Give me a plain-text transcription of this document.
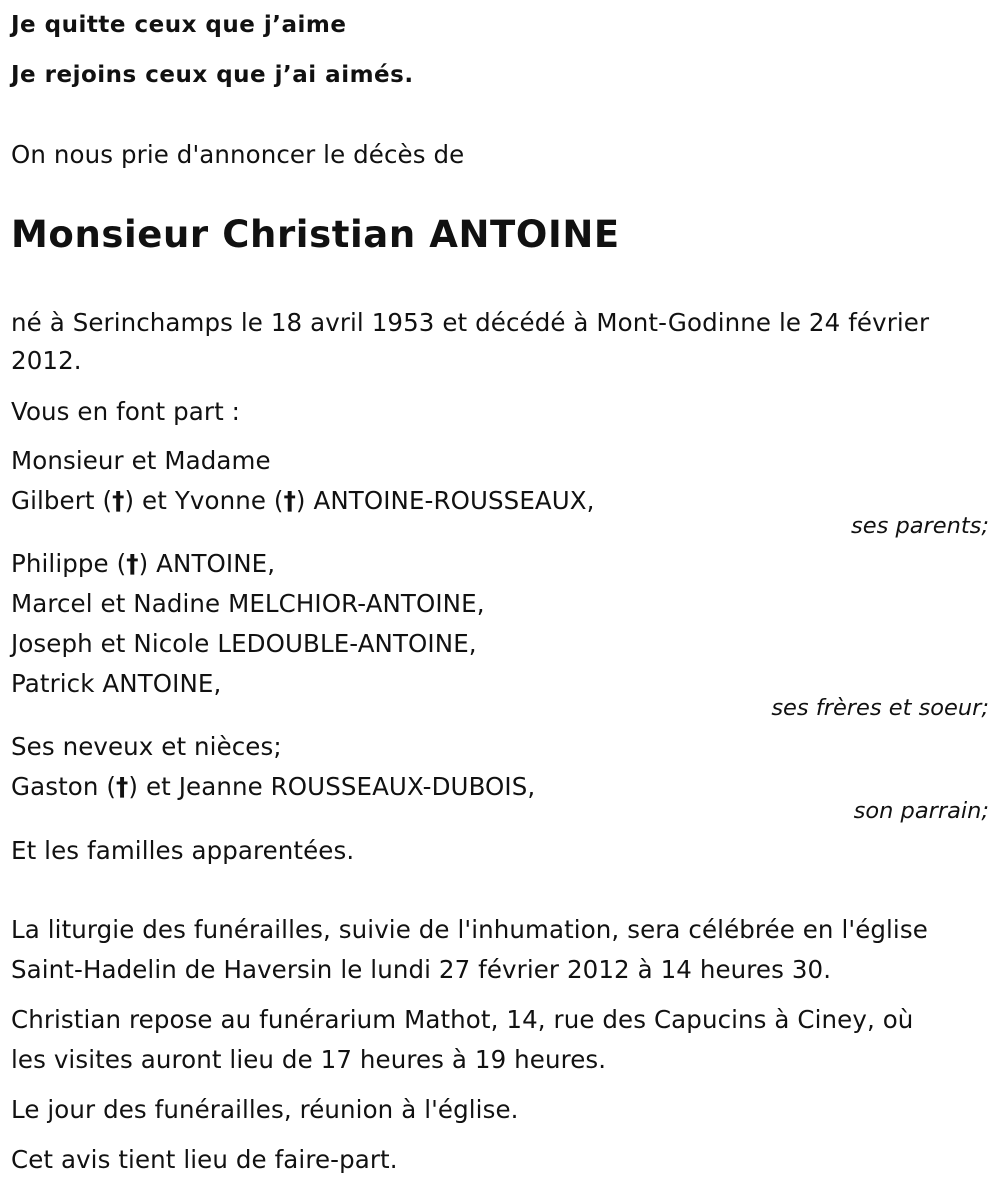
Je quitte ceux que j’aime
Je rejoins ceux que j’ai aimés.
On nous prie d'annoncer le décès de
Monsieur Christian ANTOINE
né à Serinchamps le 18 avril 1953 et décédé à Mont-Godinne le 24 février
2012.
Vous en font part :
Monsieur et Madame
Gilbert (†) et Yvonne (†) ANTOINE-ROUSSEAUX,
ses parents;
Philippe (†) ANTOINE,
Marcel et Nadine MELCHIOR-ANTOINE,
Joseph et Nicole LEDOUBLE-ANTOINE,
Patrick ANTOINE,
ses frères et soeur;
Ses neveux et nièces;
Gaston (†) et Jeanne ROUSSEAUX-DUBOIS,
son parrain;
Et les familles apparentées.
La liturgie des funérailles, suivie de l'inhumation, sera célébrée en l'église
Saint-Hadelin de Haversin le lundi 27 février 2012 à 14 heures 30.
Christian repose au funérarium Mathot, 14, rue des Capucins à Ciney, où
les visites auront lieu de 17 heures à 19 heures.
Le jour des funérailles, réunion à l'église.
Cet avis tient lieu de faire-part.
